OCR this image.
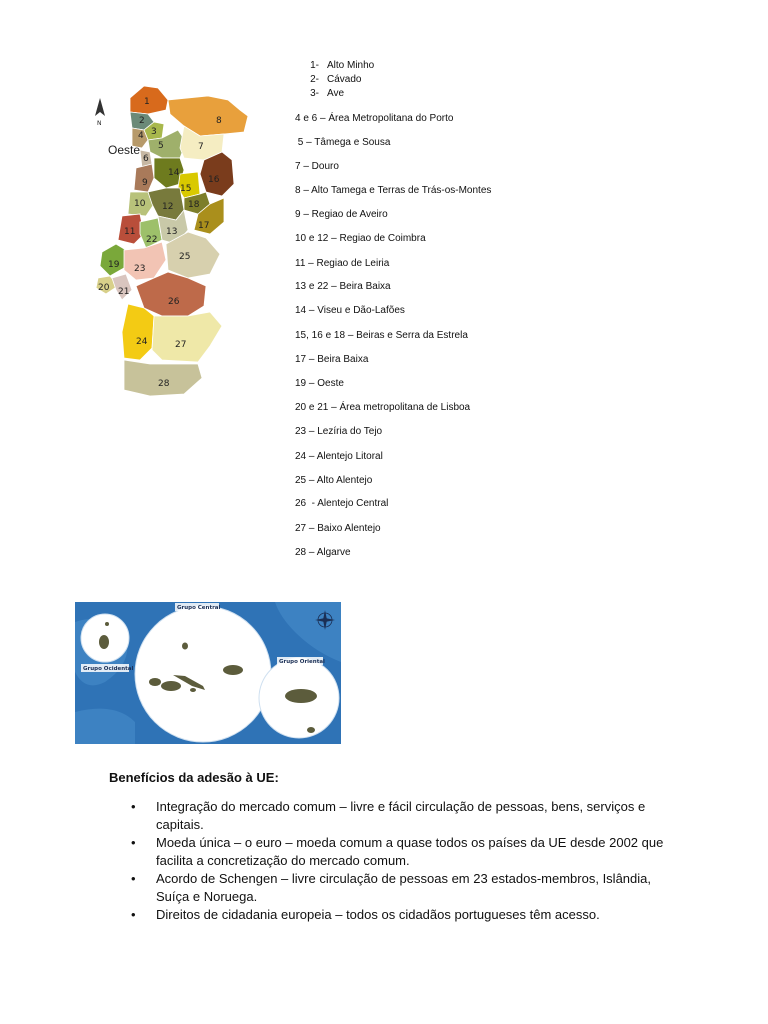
N
1
2
3
4
5
6
7
8
9
10
11
12
13
14
15
16
17
18
19
20 21
22
23
24
25
26
27
28
Oeste
1- Alto Minho
2- Cávado
3- Ave
4 e 6 – Área Metropolitana do Porto
5 – Tâmega e Sousa
7 – Douro
8 – Alto Tamega e Terras de Trás-os-Montes
9 – Regiao de Aveiro
10 e 12 – Regiao de Coimbra
11 – Regiao de Leiria
13 e 22 – Beira Baixa
14 – Viseu e Dão-Lafões
15, 16 e 18 – Beiras e Serra da Estrela
17 – Beira Baixa
19 – Oeste
20 e 21 – Área metropolitana de Lisboa
23 – Lezíria do Tejo
24 – Alentejo Litoral
25 – Alto Alentejo
26  - Alentejo Central
27 – Baixo Alentejo
28 – Algarve
Grupo Central
Grupo Ocidental
Grupo Oriental
Benefícios da adesão à UE:
• Integração do mercado comum – livre e fácil circulação de pessoas, bens, serviços e capitais.
• Moeda única – o euro – moeda comum a quase todos os países da UE desde 2002 que facilita a concretização do mercado comum.
• Acordo de Schengen – livre circulação de pessoas em 23 estados-membros, Islândia, Suíça e Noruega.
• Direitos de cidadania europeia – todos os cidadãos portugueses têm acesso.
